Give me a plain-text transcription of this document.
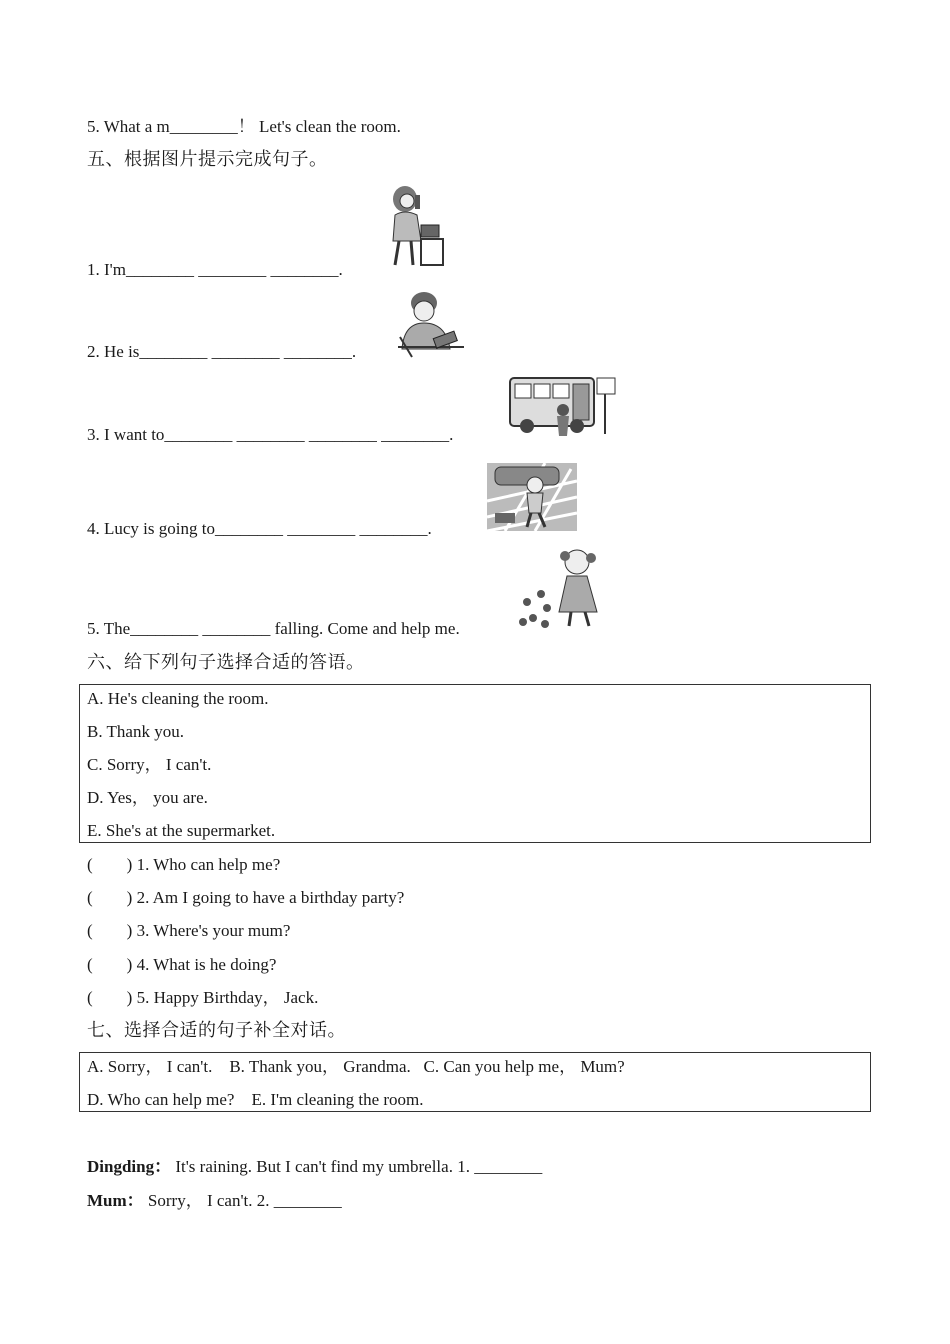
5. What a m________！ Let's clean the room.
五、根据图片提示完成句子。
1. I'm________ ________ ________.
2. He is________ ________ ________.
3. I want to________ ________ ________ ________.
4. Lucy is going to________ ________ ________.
5. The________ ________ falling. Come and help me.
六、给下列句子选择合适的答语。
A. He's cleaning the room.
B. Thank you.
C. Sorry， I can't.
D. Yes， you are.
E. She's at the supermarket.
(        ) 1. Who can help me?
(        ) 2. Am I going to have a birthday party?
(        ) 3. Where's your mum?
(        ) 4. What is he doing?
(        ) 5. Happy Birthday， Jack.
七、选择合适的句子补全对话。
A. Sorry， I can't.    B. Thank you， Grandma.   C. Can you help me， Mum?
D. Who can help me?    E. I'm cleaning the room.
Dingding： It's raining. But I can't find my umbrella. 1. ________
Mum： Sorry， I can't. 2. ________
